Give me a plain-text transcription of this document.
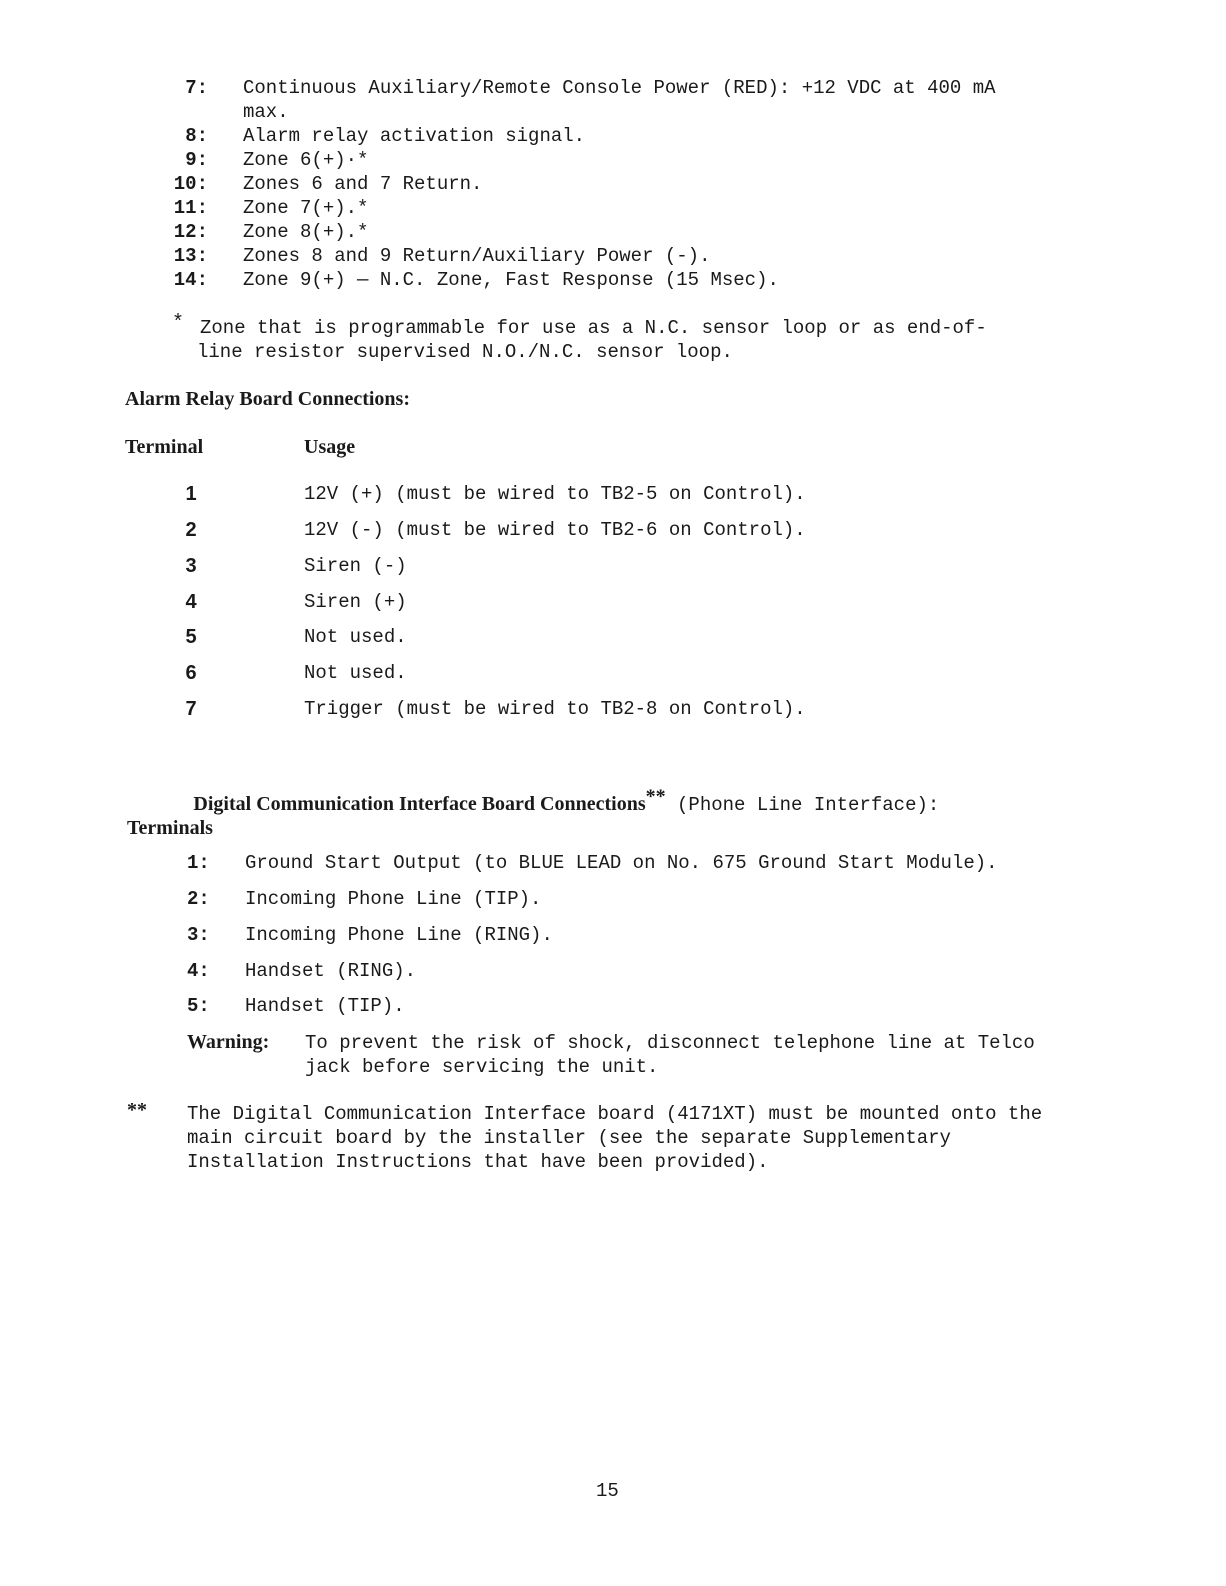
7: Continuous Auxiliary/Remote Console Power (RED): +12 VDC at 400 mA
max.
8: Alarm relay activation signal.
9: Zone 6(+)·*
10: Zones 6 and 7 Return.
11: Zone 7(+).*
12: Zone 8(+).*
13: Zones 8 and 9 Return/Auxiliary Power (-).
14: Zone 9(+) — N.C. Zone, Fast Response (15 Msec).
* Zone that is programmable for use as a N.C. sensor loop or as end-of-
line resistor supervised N.O./N.C. sensor loop.
Alarm Relay Board Connections:
Terminal	Usage
1	12V (+) (must be wired to TB2-5 on Control).
2	12V (-) (must be wired to TB2-6 on Control).
3	Siren (-)
4	Siren (+)
5	Not used.
6	Not used.
7	Trigger (must be wired to TB2-8 on Control).

Digital Communication Interface Board Connections** (Phone Line Interface):

Terminals
1: Ground Start Output (to BLUE LEAD on No. 675 Ground Start Module).
2: Incoming Phone Line (TIP).
3: Incoming Phone Line (RING).
4: Handset (RING).
5: Handset (TIP).
Warning: To prevent the risk of shock, disconnect telephone line at Telco
jack before servicing the unit.
** The Digital Communication Interface board (4171XT) must be mounted onto the
main circuit board by the installer (see the separate Supplementary
Installation Instructions that have been provided).
15
